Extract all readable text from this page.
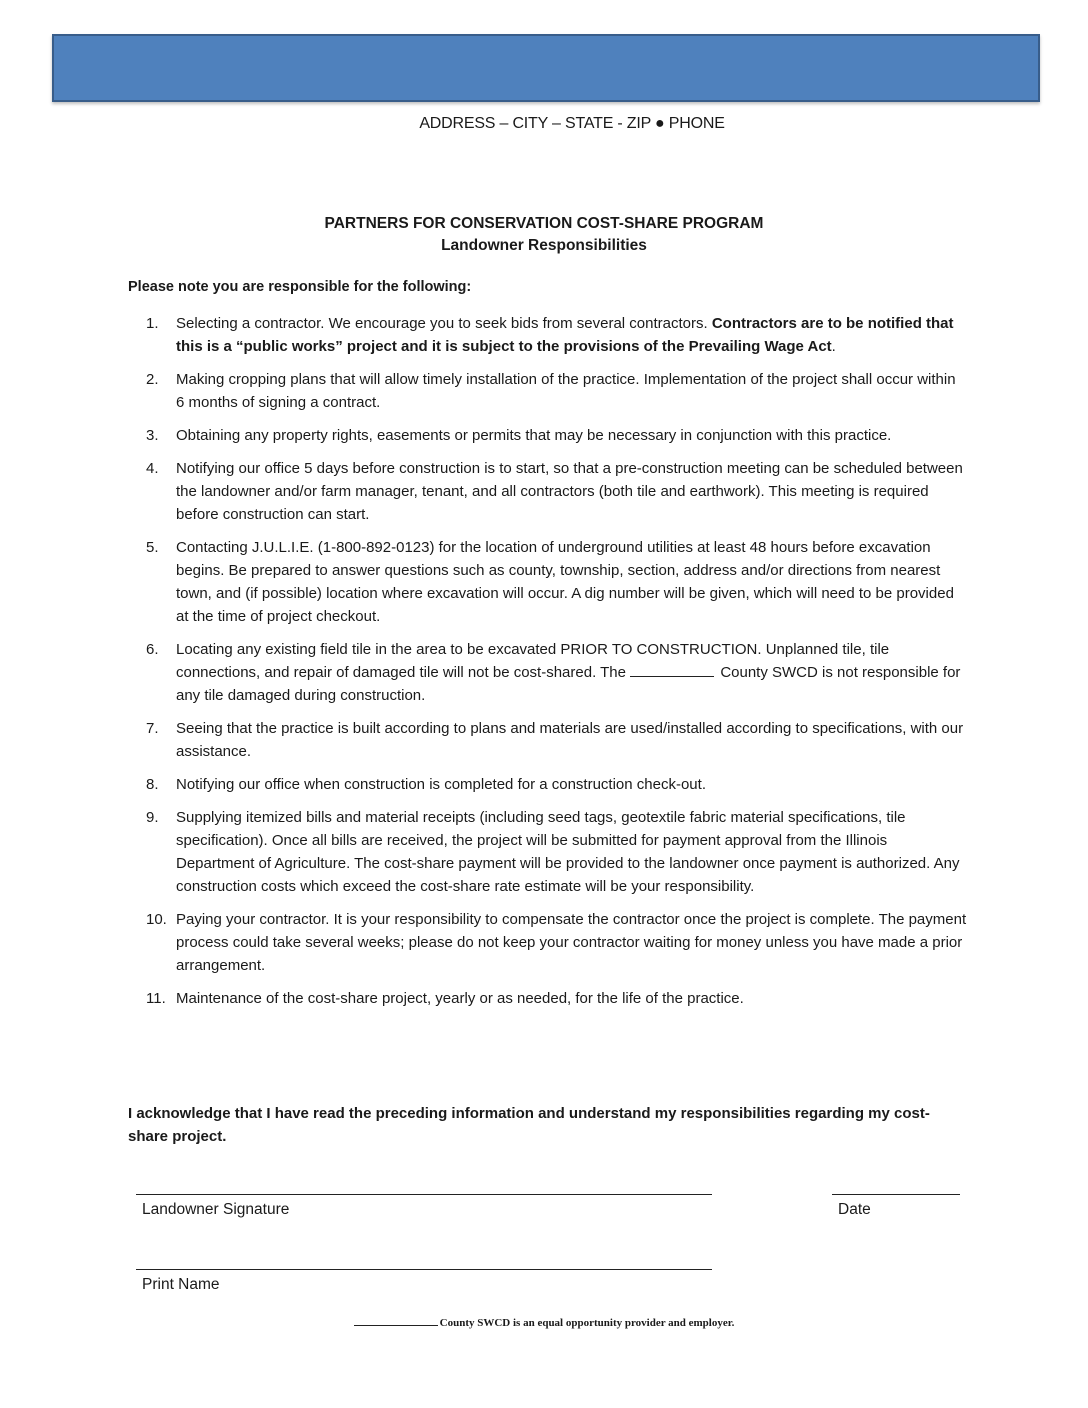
ADDRESS – CITY – STATE - ZIP ● PHONE
PARTNERS FOR CONSERVATION COST-SHARE PROGRAM
Landowner Responsibilities
Please note you are responsible for the following:
1. Selecting a contractor. We encourage you to seek bids from several contractors. Contractors are to be notified that this is a “public works” project and it is subject to the provisions of the Prevailing Wage Act.
2. Making cropping plans that will allow timely installation of the practice. Implementation of the project shall occur within 6 months of signing a contract.
3. Obtaining any property rights, easements or permits that may be necessary in conjunction with this practice.
4. Notifying our office 5 days before construction is to start, so that a pre-construction meeting can be scheduled between the landowner and/or farm manager, tenant, and all contractors (both tile and earthwork). This meeting is required before construction can start.
5. Contacting J.U.L.I.E. (1-800-892-0123) for the location of underground utilities at least 48 hours before excavation begins. Be prepared to answer questions such as county, township, section, address and/or directions from nearest town, and (if possible) location where excavation will occur. A dig number will be given, which will need to be provided at the time of project checkout.
6. Locating any existing field tile in the area to be excavated PRIOR TO CONSTRUCTION. Unplanned tile, tile connections, and repair of damaged tile will not be cost-shared. The	County SWCD is not responsible for any tile damaged during construction.
7. Seeing that the practice is built according to plans and materials are used/installed according to specifications, with our assistance.
8. Notifying our office when construction is completed for a construction check-out.
9. Supplying itemized bills and material receipts (including seed tags, geotextile fabric material specifications, tile specification). Once all bills are received, the project will be submitted for payment approval from the Illinois Department of Agriculture. The cost-share payment will be provided to the landowner once payment is authorized. Any construction costs which exceed the cost-share rate estimate will be your responsibility.
10. Paying your contractor. It is your responsibility to compensate the contractor once the project is complete. The payment process could take several weeks; please do not keep your contractor waiting for money unless you have made a prior arrangement.
11. Maintenance of the cost-share project, yearly or as needed, for the life of the practice.
I acknowledge that I have read the preceding information and understand my responsibilities regarding my cost-share project.
Landowner Signature	Date
Print Name
County SWCD is an equal opportunity provider and employer.
